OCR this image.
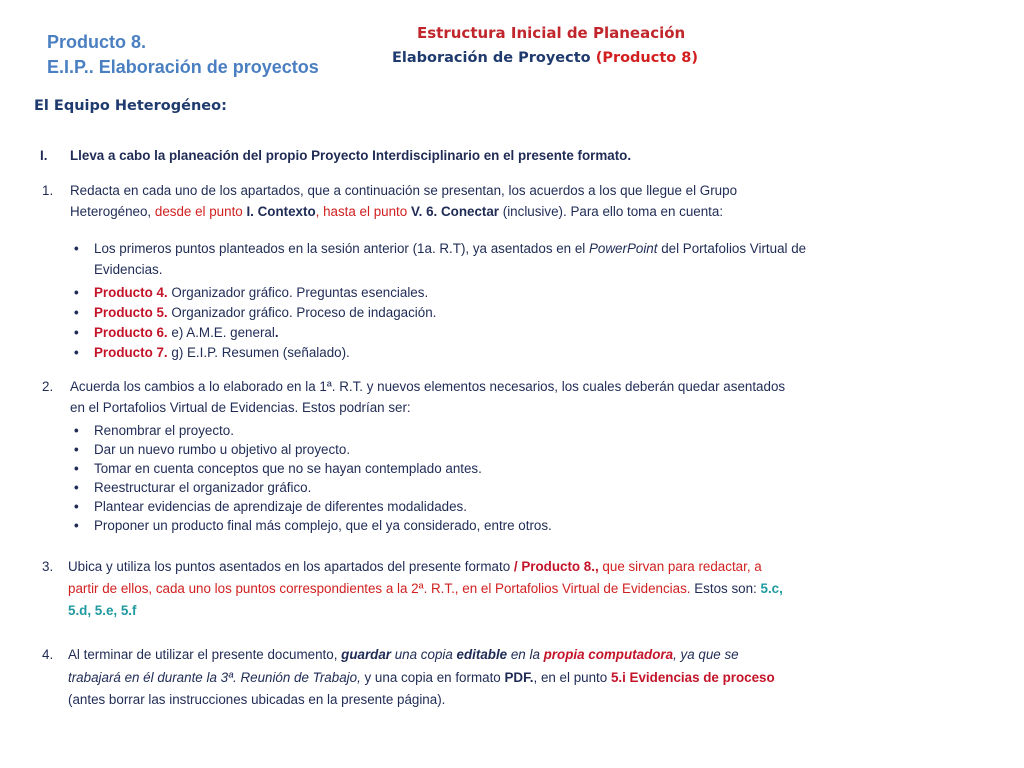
Producto 8.
E.I.P.. Elaboración de proyectos
Estructura Inicial de Planeación
Elaboración de Proyecto (Producto 8)
El Equipo Heterogéneo:
I. Lleva a cabo la planeación del propio Proyecto Interdisciplinario en el presente formato.
1. Redacta en cada uno de los apartados, que a continuación se presentan, los acuerdos a los que llegue el Grupo
Heterogéneo, desde el punto I. Contexto, hasta el punto V. 6. Conectar (inclusive). Para ello toma en cuenta:
• Los primeros puntos planteados en la sesión anterior (1a. R.T), ya asentados en el PowerPoint del Portafolios Virtual de
Evidencias.
• Producto 4. Organizador gráfico. Preguntas esenciales.
• Producto 5. Organizador gráfico. Proceso de indagación.
• Producto 6. e) A.M.E. general.
• Producto 7. g) E.I.P. Resumen (señalado).
2. Acuerda los cambios a lo elaborado en la 1ª. R.T. y nuevos elementos necesarios, los cuales deberán quedar asentados
en el Portafolios Virtual de Evidencias. Estos podrían ser:
• Renombrar el proyecto.
• Dar un nuevo rumbo u objetivo al proyecto.
• Tomar en cuenta conceptos que no se hayan contemplado antes.
• Reestructurar el organizador gráfico.
• Plantear evidencias de aprendizaje de diferentes modalidades.
• Proponer un producto final más complejo, que el ya considerado, entre otros.
3. Ubica y utiliza los puntos asentados en los apartados del presente formato / Producto 8., que sirvan para redactar, a
partir de ellos, cada uno los puntos correspondientes a la 2ª. R.T., en el Portafolios Virtual de Evidencias. Estos son: 5.c,
5.d, 5.e, 5.f
4. Al terminar de utilizar el presente documento, guardar una copia editable en la propia computadora, ya que se
trabajará en él durante la 3ª. Reunión de Trabajo, y una copia en formato PDF., en el punto 5.i Evidencias de proceso
(antes borrar las instrucciones ubicadas en la presente página).
